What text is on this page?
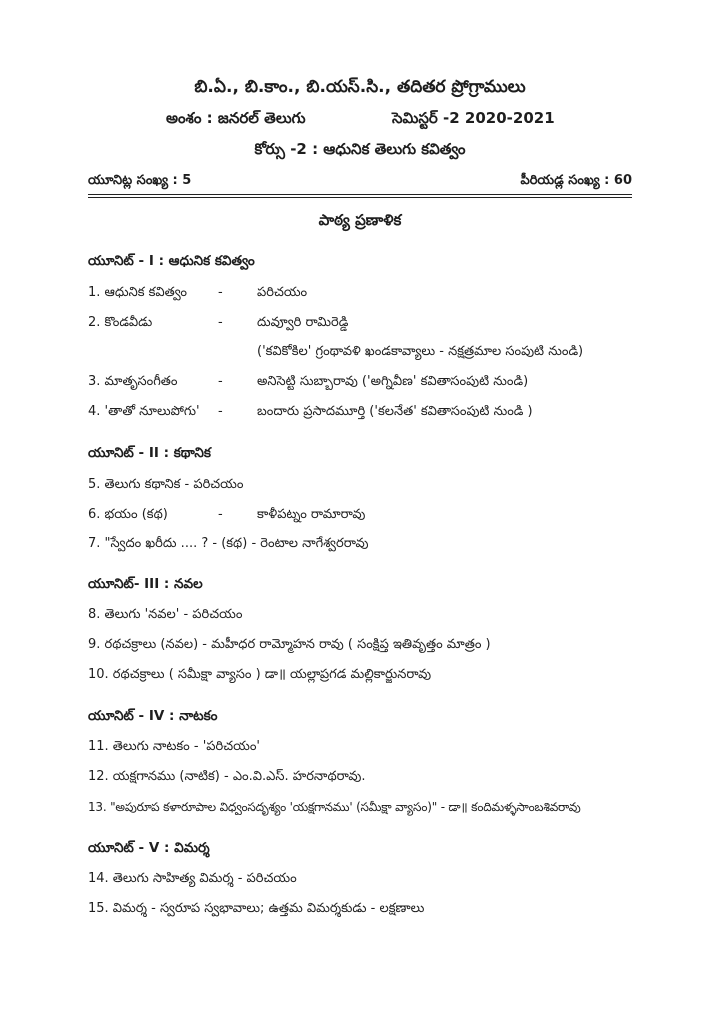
బి.ఏ., బి.కాం., బి.యస్.సి., తదితర ప్రోగ్రాములు
అంశం : జనరల్ తెలుగు	సెమిస్టర్ -2 2020-2021
కోర్సు -2 : ఆధునిక తెలుగు కవిత్వం
యూనిట్ల సంఖ్య : 5	పీరియడ్ల సంఖ్య : 60
పాఠ్య ప్రణాళిక
యూనిట్ - I : ఆధునిక కవిత్వం
1. ఆధునిక కవిత్వం -	పరిచయం
2. కొండవీడు	-	దువ్వూరి రామిరెడ్డి
('కవికోకిల' గ్రంథావళి ఖండకావ్యాలు - నక్షత్రమాల సంపుటి నుండి)
3. మాతృసంగీతం	-	అనిసెట్టి సుబ్బారావు ('అగ్నివీణ' కవితాసంపుటి నుండి)
4. 'తాతో నూలుపోగు' -	బందారు ప్రసాదమూర్తి ('కలనేత' కవితాసంపుటి నుండి )
యూనిట్ - II : కథానిక
5. తెలుగు కథానిక - పరిచయం
6. భయం (కథ)	-	కాళీపట్నం రామారావు
7. "స్వేదం ఖరీదు .... ? - (కథ) - రెంటాల నాగేశ్వరరావు
యూనిట్- III : నవల
8. తెలుగు 'నవల' - పరిచయం
9. రథచక్రాలు (నవల) - మహీధర రామ్మోహన రావు ( సంక్షిప్త ఇతివృత్తం మాత్రం )
10. రథచక్రాలు ( సమీక్షా వ్యాసం ) డా॥ యల్లాప్రగడ మల్లికార్జునరావు
యూనిట్ - IV : నాటకం
11. తెలుగు నాటకం - 'పరిచయం'
12. యక్షగానము (నాటిక) - ఎం.వి.ఎస్. హరనాథరావు.
13. "అపురూప కళారూపాల విధ్వంసదృశ్యం 'యక్షగానము' (సమీక్షా వ్యాసం)" - డా॥ కందిమళ్ళసాంబశివరావు
యూనిట్ - V : విమర్శ
14. తెలుగు సాహిత్య విమర్శ - పరిచయం
15. విమర్శ - స్వరూప స్వభావాలు; ఉత్తమ విమర్శకుడు - లక్షణాలు
